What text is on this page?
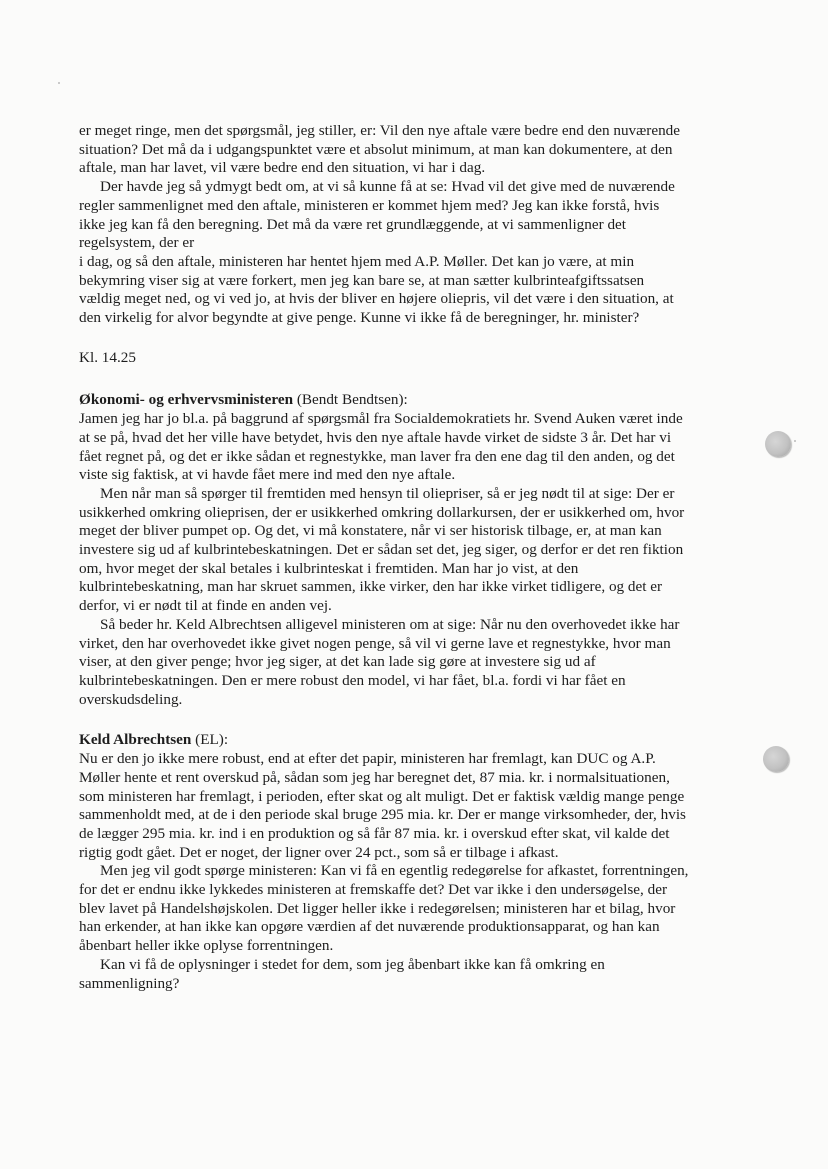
er meget ringe, men det spørgsmål, jeg stiller, er: Vil den nye aftale være bedre end den nuværende
situation? Det må da i udgangspunktet være et absolut minimum, at man kan dokumentere, at den
aftale, man har lavet, vil være bedre end den situation, vi har i dag.
Der havde jeg så ydmygt bedt om, at vi så kunne få at se: Hvad vil det give med de nuværende
regler sammenlignet med den aftale, ministeren er kommet hjem med? Jeg kan ikke forstå, hvis
ikke jeg kan få den beregning. Det må da være ret grundlæggende, at vi sammenligner det
regelsystem, der er
i dag, og så den aftale, ministeren har hentet hjem med A.P. Møller. Det kan jo være, at min
bekymring viser sig at være forkert, men jeg kan bare se, at man sætter kulbrinteafgiftssatsen
vældig meget ned, og vi ved jo, at hvis der bliver en højere oliepris, vil det være i den situation, at
den virkelig for alvor begyndte at give penge. Kunne vi ikke få de beregninger, hr. minister?
Kl. 14.25
Økonomi- og erhvervsministeren (Bendt Bendtsen):
Jamen jeg har jo bl.a. på baggrund af spørgsmål fra Socialdemokratiets hr. Svend Auken været inde
at se på, hvad det her ville have betydet, hvis den nye aftale havde virket de sidste 3 år. Det har vi
fået regnet på, og det er ikke sådan et regnestykke, man laver fra den ene dag til den anden, og det
viste sig faktisk, at vi havde fået mere ind med den nye aftale.
Men når man så spørger til fremtiden med hensyn til oliepriser, så er jeg nødt til at sige: Der er
usikkerhed omkring olieprisen, der er usikkerhed omkring dollarkursen, der er usikkerhed om, hvor
meget der bliver pumpet op. Og det, vi må konstatere, når vi ser historisk tilbage, er, at man kan
investere sig ud af kulbrintebeskatningen. Det er sådan set det, jeg siger, og derfor er det ren fiktion
om, hvor meget der skal betales i kulbrinteskat i fremtiden. Man har jo vist, at den
kulbrintebeskatning, man har skruet sammen, ikke virker, den har ikke virket tidligere, og det er
derfor, vi er nødt til at finde en anden vej.
Så beder hr. Keld Albrechtsen alligevel ministeren om at sige: Når nu den overhovedet ikke har
virket, den har overhovedet ikke givet nogen penge, så vil vi gerne lave et regnestykke, hvor man
viser, at den giver penge; hvor jeg siger, at det kan lade sig gøre at investere sig ud af
kulbrintebeskatningen. Den er mere robust den model, vi har fået, bl.a. fordi vi har fået en
overskudsdeling.
Keld Albrechtsen (EL):
Nu er den jo ikke mere robust, end at efter det papir, ministeren har fremlagt, kan DUC og A.P.
Møller hente et rent overskud på, sådan som jeg har beregnet det, 87 mia. kr. i normalsituationen,
som ministeren har fremlagt, i perioden, efter skat og alt muligt. Det er faktisk vældig mange penge
sammenholdt med, at de i den periode skal bruge 295 mia. kr. Der er mange virksomheder, der, hvis
de lægger 295 mia. kr. ind i en produktion og så får 87 mia. kr. i overskud efter skat, vil kalde det
rigtig godt gået. Det er noget, der ligner over 24 pct., som så er tilbage i afkast.
Men jeg vil godt spørge ministeren: Kan vi få en egentlig redegørelse for afkastet, forrentningen,
for det er endnu ikke lykkedes ministeren at fremskaffe det? Det var ikke i den undersøgelse, der
blev lavet på Handelshøjskolen. Det ligger heller ikke i redegørelsen; ministeren har et bilag, hvor
han erkender, at han ikke kan opgøre værdien af det nuværende produktionsapparat, og han kan
åbenbart heller ikke oplyse forrentningen.
Kan vi få de oplysninger i stedet for dem, som jeg åbenbart ikke kan få omkring en
sammenligning?
